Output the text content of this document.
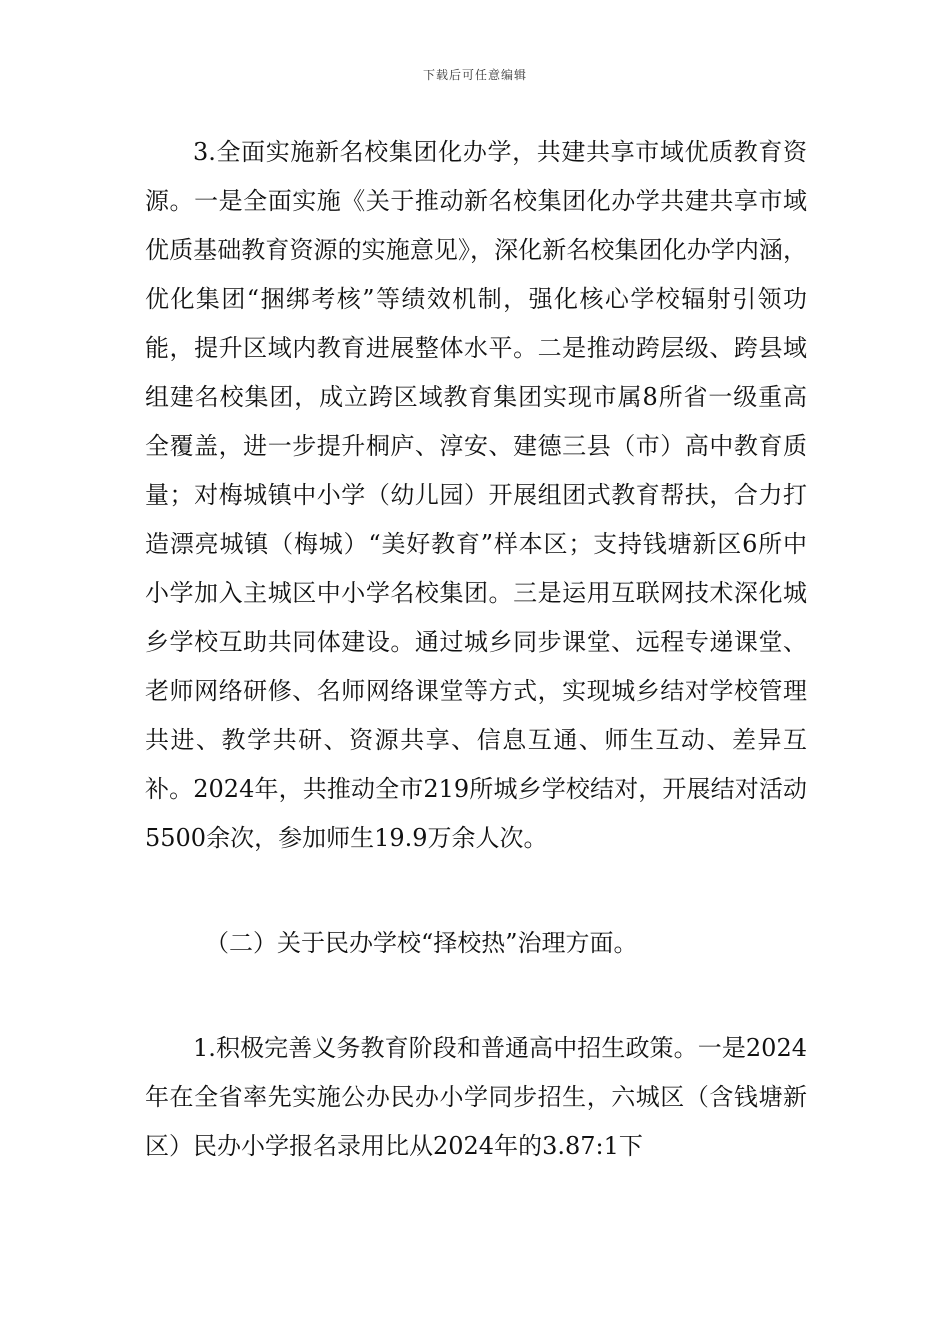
下载后可任意编辑

3.全面实施新名校集团化办学，共建共享市域优质教育资源。一是全面实施《关于推动新名校集团化办学共建共享市域优质基础教育资源的实施意见》，深化新名校集团化办学内涵，优化集团“捆绑考核”等绩效机制，强化核心学校辐射引领功能，提升区域内教育进展整体水平。二是推动跨层级、跨县域组建名校集团，成立跨区域教育集团实现市属8所省一级重高全覆盖，进一步提升桐庐、淳安、建德三县（市）高中教育质量；对梅城镇中小学（幼儿园）开展组团式教育帮扶，合力打造漂亮城镇（梅城）“美好教育”样本区；支持钱塘新区6所中小学加入主城区中小学名校集团。三是运用互联网技术深化城乡学校互助共同体建设。通过城乡同步课堂、远程专递课堂、老师网络研修、名师网络课堂等方式，实现城乡结对学校管理共进、教学共研、资源共享、信息互通、师生互动、差异互补。2024年，共推动全市219所城乡学校结对，开展结对活动5500余次，参加师生19.9万余人次。

（二）关于民办学校“择校热”治理方面。

1.积极完善义务教育阶段和普通高中招生政策。一是2024年在全省率先实施公办民办小学同步招生，六城区（含钱塘新区）民办小学报名录用比从2024年的3.87:1下
